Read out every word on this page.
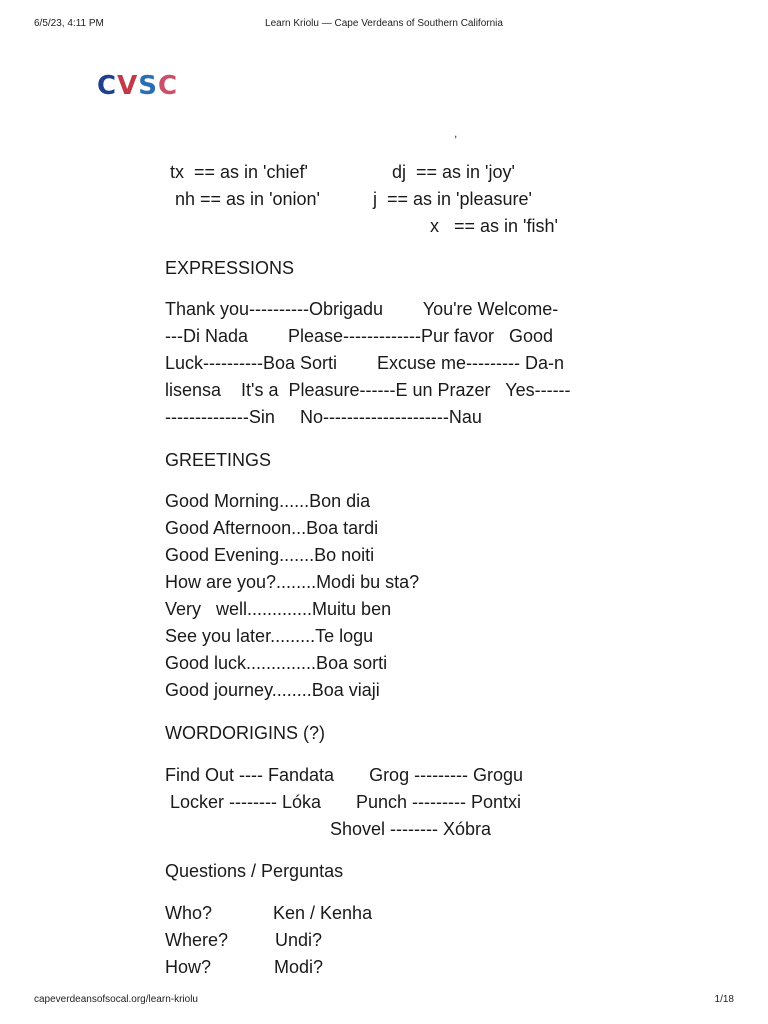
6/5/23, 4:11 PM	Learn Kriolu — Cape Verdeans of Southern California
C V S C
,
tx  == as in 'chief'	dj  == as in 'joy'
nh == as in 'onion'	j  == as in 'pleasure'
x   == as in 'fish'
EXPRESSIONS

Thank you----------Obrigadu        You're Welcome-

---Di Nada        Please-------------Pur favor   Good

Luck----------Boa Sorti        Excuse me--------- Da-n

lisensa    It's a  Pleasure------E un Prazer   Yes------

--------------Sin     No---------------------Nau

GREETINGS

Good Morning......Bon dia

Good Afternoon...Boa tardi

Good Evening.......Bo noiti

How are you?........Modi bu sta?

Very   well.............Muitu ben

See you later.........Te logu

Good luck..............Boa sorti

Good journey........Boa viaji

WORDORIGINS (?)
Find Out ---- Fandata       Grog --------- Grogu
Locker -------- Lóka       Punch --------- Pontxi
Shovel -------- Xóbra
Questions / Perguntas
Who?	Ken / Kenha
Where?	Undi?
How?	Modi?
capeverdeansofsocal.org/learn-kriolu	1/18
